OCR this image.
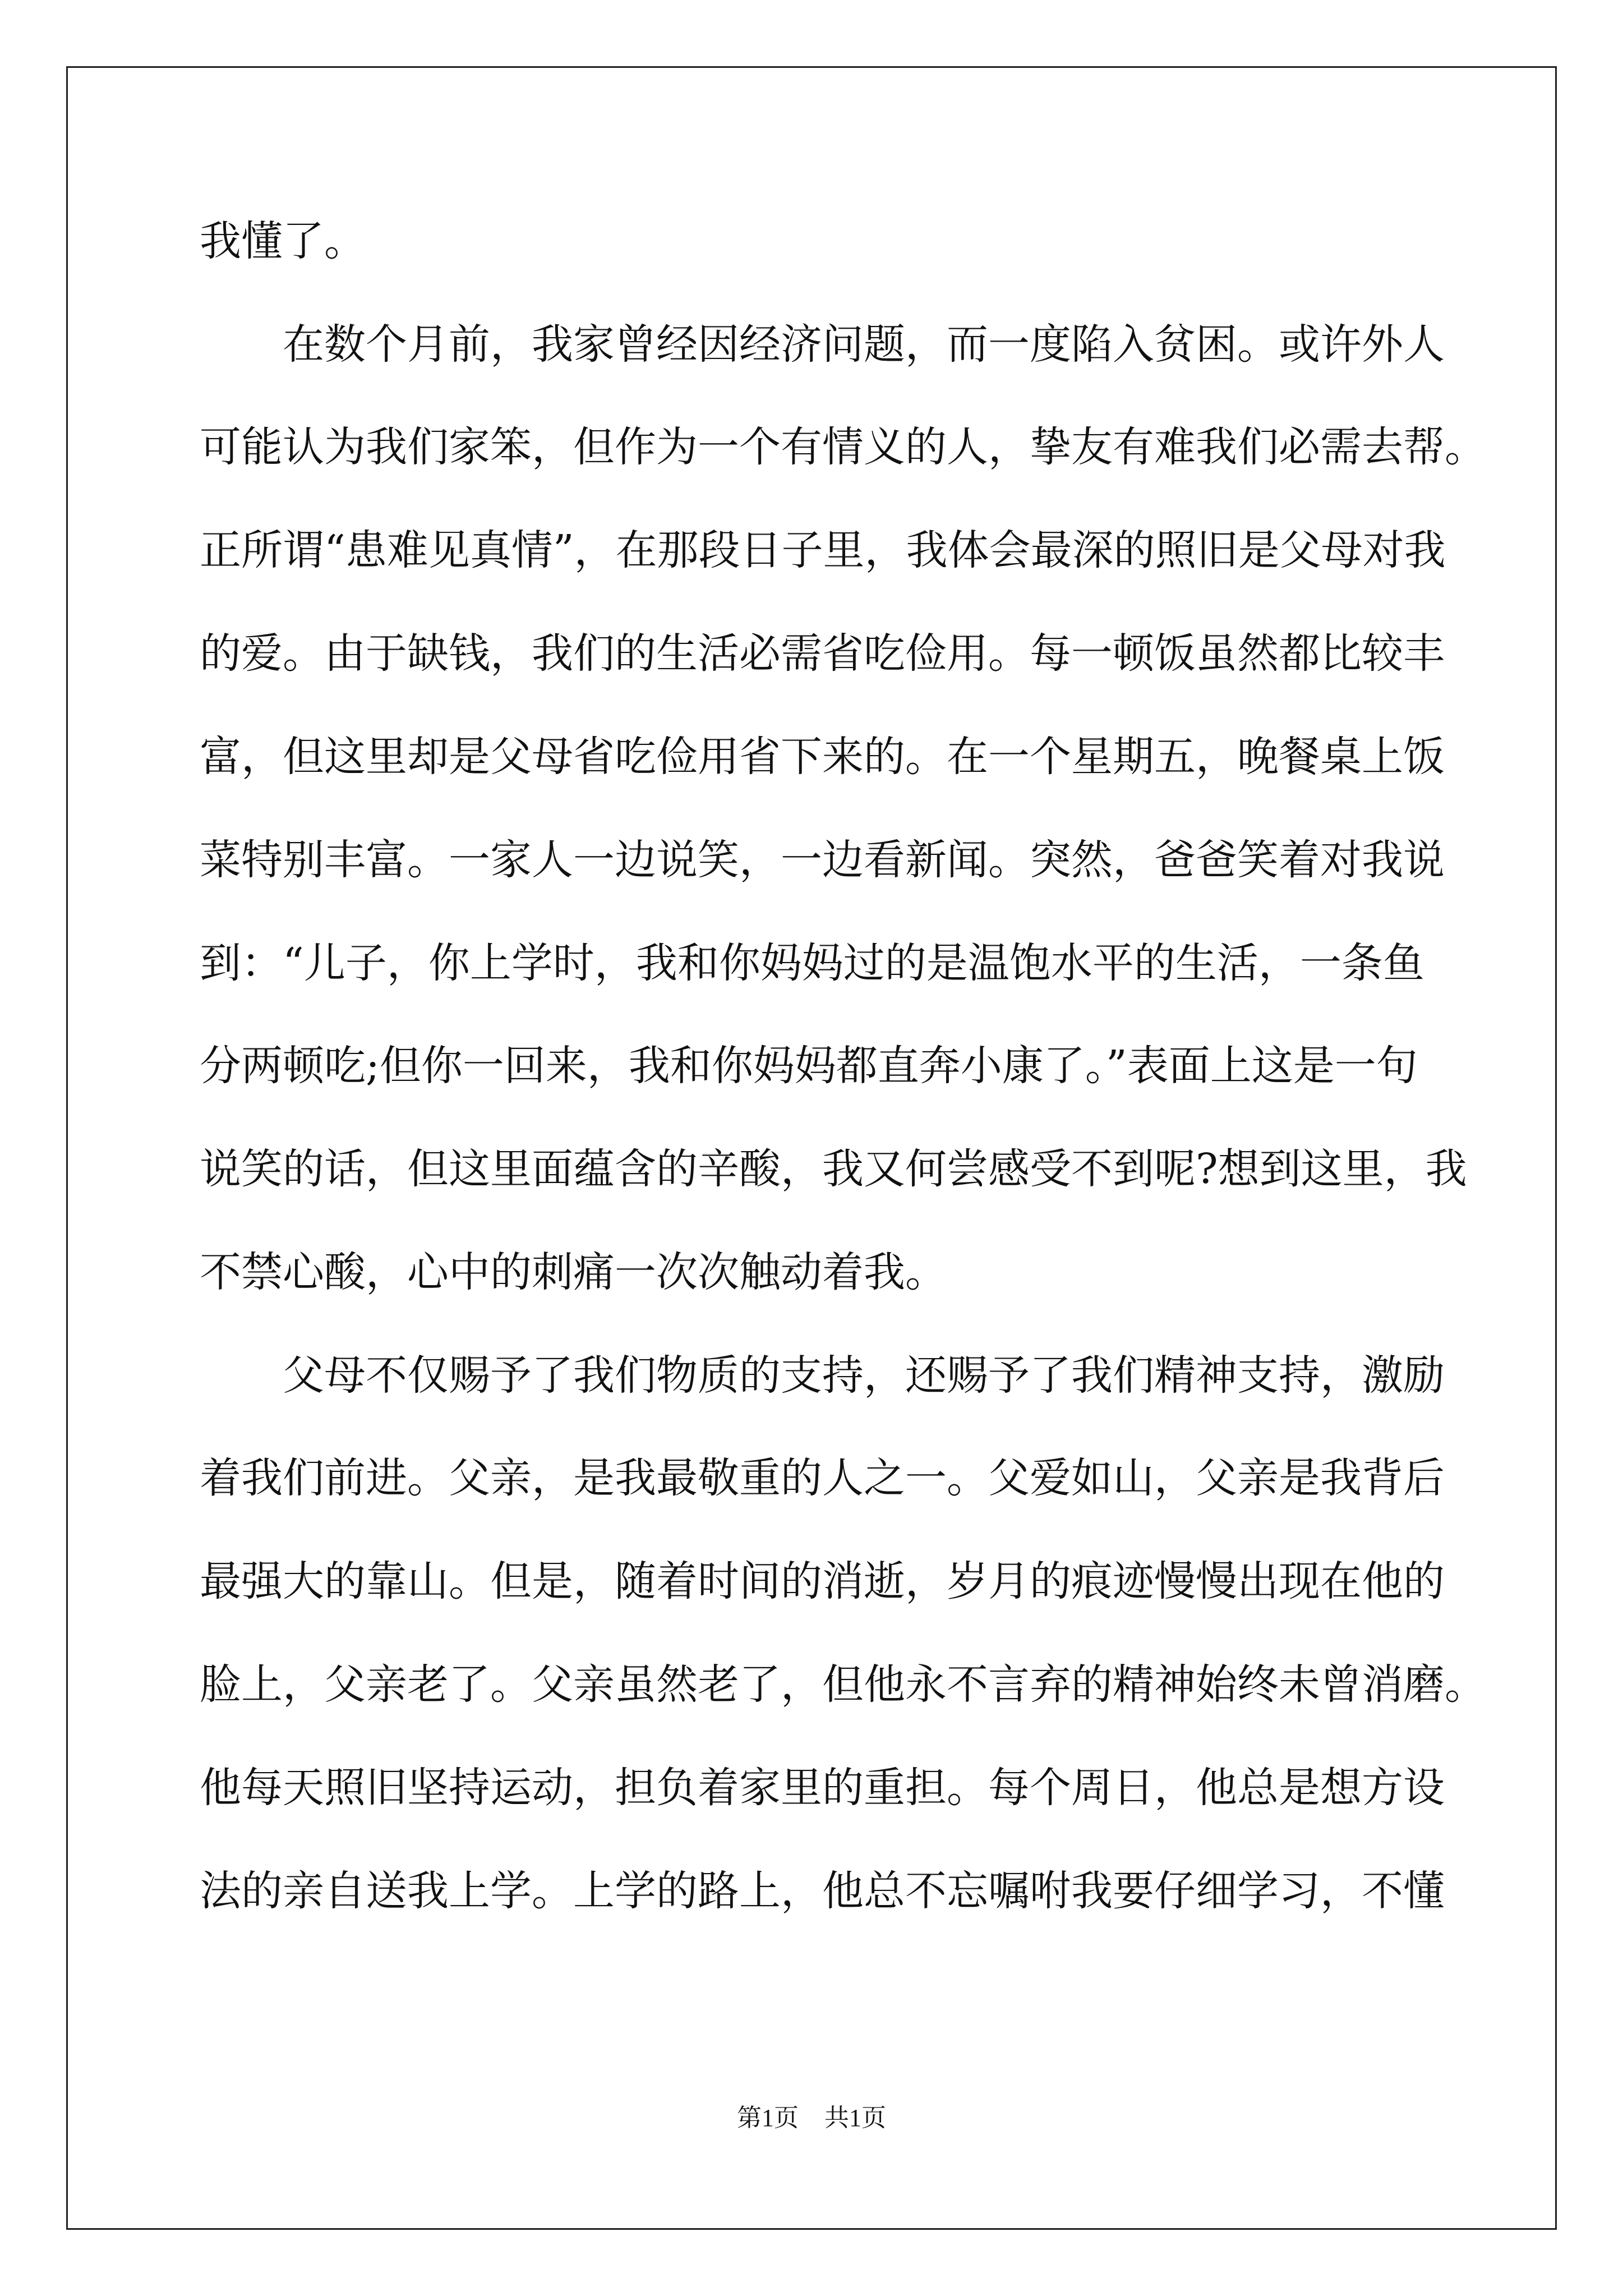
我懂了。
　　在数个月前，我家曾经因经济问题，而一度陷入贫困。或许外人
可能认为我们家笨，但作为一个有情义的人，挚友有难我们必需去帮。
正所谓“患难见真情”，在那段日子里，我体会最深的照旧是父母对我
的爱。由于缺钱，我们的生活必需省吃俭用。每一顿饭虽然都比较丰
富，但这里却是父母省吃俭用省下来的。在一个星期五，晚餐桌上饭
菜特别丰富。一家人一边说笑，一边看新闻。突然，爸爸笑着对我说
到：“儿子，你上学时，我和你妈妈过的是温饱水平的生活，一条鱼
分两顿吃;但你一回来，我和你妈妈都直奔小康了。”表面上这是一句
说笑的话，但这里面蕴含的辛酸，我又何尝感受不到呢?想到这里，我
不禁心酸，心中的刺痛一次次触动着我。
　　父母不仅赐予了我们物质的支持，还赐予了我们精神支持，激励
着我们前进。父亲，是我最敬重的人之一。父爱如山，父亲是我背后
最强大的靠山。但是，随着时间的消逝，岁月的痕迹慢慢出现在他的
脸上，父亲老了。父亲虽然老了，但他永不言弃的精神始终未曾消磨。
他每天照旧坚持运动，担负着家里的重担。每个周日，他总是想方设
法的亲自送我上学。上学的路上，他总不忘嘱咐我要仔细学习，不懂
第1页 共1页
